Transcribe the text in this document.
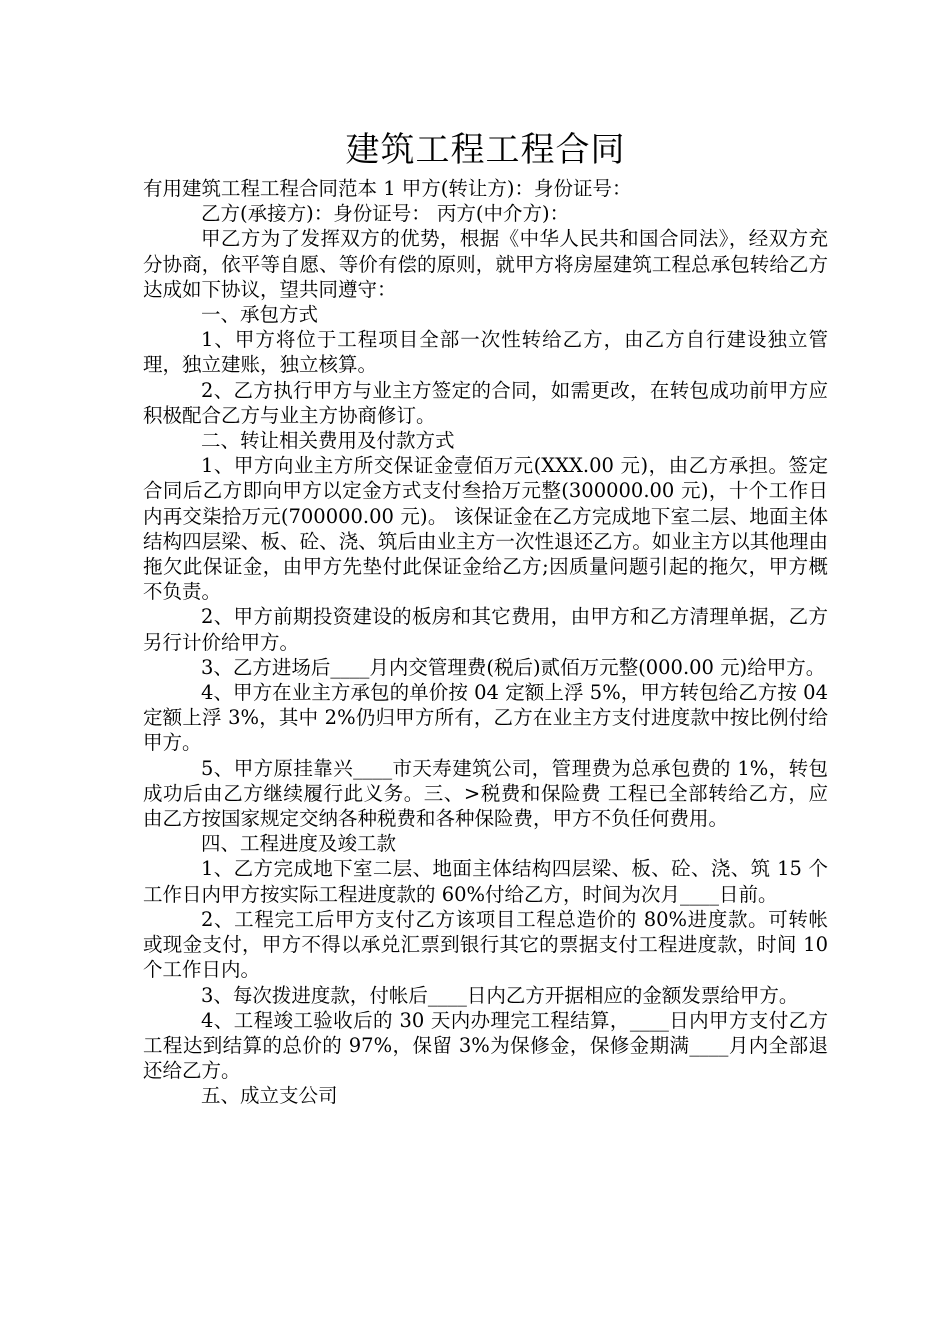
建筑工程工程合同

有用建筑工程工程合同范本 1 甲方(转让方)：身份证号：

乙方(承接方)：身份证号： 丙方(中介方)：

甲乙方为了发挥双方的优势，根据《中华人民共和国合同法》，经双方充分协商，依平等自愿、等价有偿的原则，就甲方将房屋建筑工程总承包转给乙方达成如下协议，望共同遵守：

一、承包方式

1、甲方将位于工程项目全部一次性转给乙方，由乙方自行建设独立管理，独立建账，独立核算。

2、乙方执行甲方与业主方签定的合同，如需更改，在转包成功前甲方应积极配合乙方与业主方协商修订。

二、转让相关费用及付款方式

1、甲方向业主方所交保证金壹佰万元(XXX.00 元)，由乙方承担。签定合同后乙方即向甲方以定金方式支付叁拾万元整(300000.00 元)，十个工作日内再交柒拾万元(700000.00 元)。 该保证金在乙方完成地下室二层、地面主体结构四层梁、板、砼、浇、筑后由业主方一次性退还乙方。如业主方以其他理由拖欠此保证金，由甲方先垫付此保证金给乙方;因质量问题引起的拖欠，甲方概不负责。

2、甲方前期投资建设的板房和其它费用，由甲方和乙方清理单据，乙方另行计价给甲方。

3、乙方进场后____月内交管理费(税后)贰佰万元整(000.00 元)给甲方。

4、甲方在业主方承包的单价按 04 定额上浮 5%，甲方转包给乙方按 04 定额上浮 3%，其中 2%仍归甲方所有，乙方在业主方支付进度款中按比例付给甲方。

5、甲方原挂靠兴____市天寿建筑公司，管理费为总承包费的 1%，转包成功后由乙方继续履行此义务。三、>税费和保险费 工程已全部转给乙方，应由乙方按国家规定交纳各种税费和各种保险费，甲方不负任何费用。

四、工程进度及竣工款

1、乙方完成地下室二层、地面主体结构四层梁、板、砼、浇、筑 15 个工作日内甲方按实际工程进度款的 60%付给乙方，时间为次月____日前。

2、工程完工后甲方支付乙方该项目工程总造价的 80%进度款。可转帐或现金支付，甲方不得以承兑汇票到银行其它的票据支付工程进度款，时间 10 个工作日内。

3、每次拨进度款，付帐后____日内乙方开据相应的金额发票给甲方。

4、工程竣工验收后的 30 天内办理完工程结算，____日内甲方支付乙方工程达到结算的总价的 97%，保留 3%为保修金，保修金期满____月内全部退还给乙方。

五、成立支公司
